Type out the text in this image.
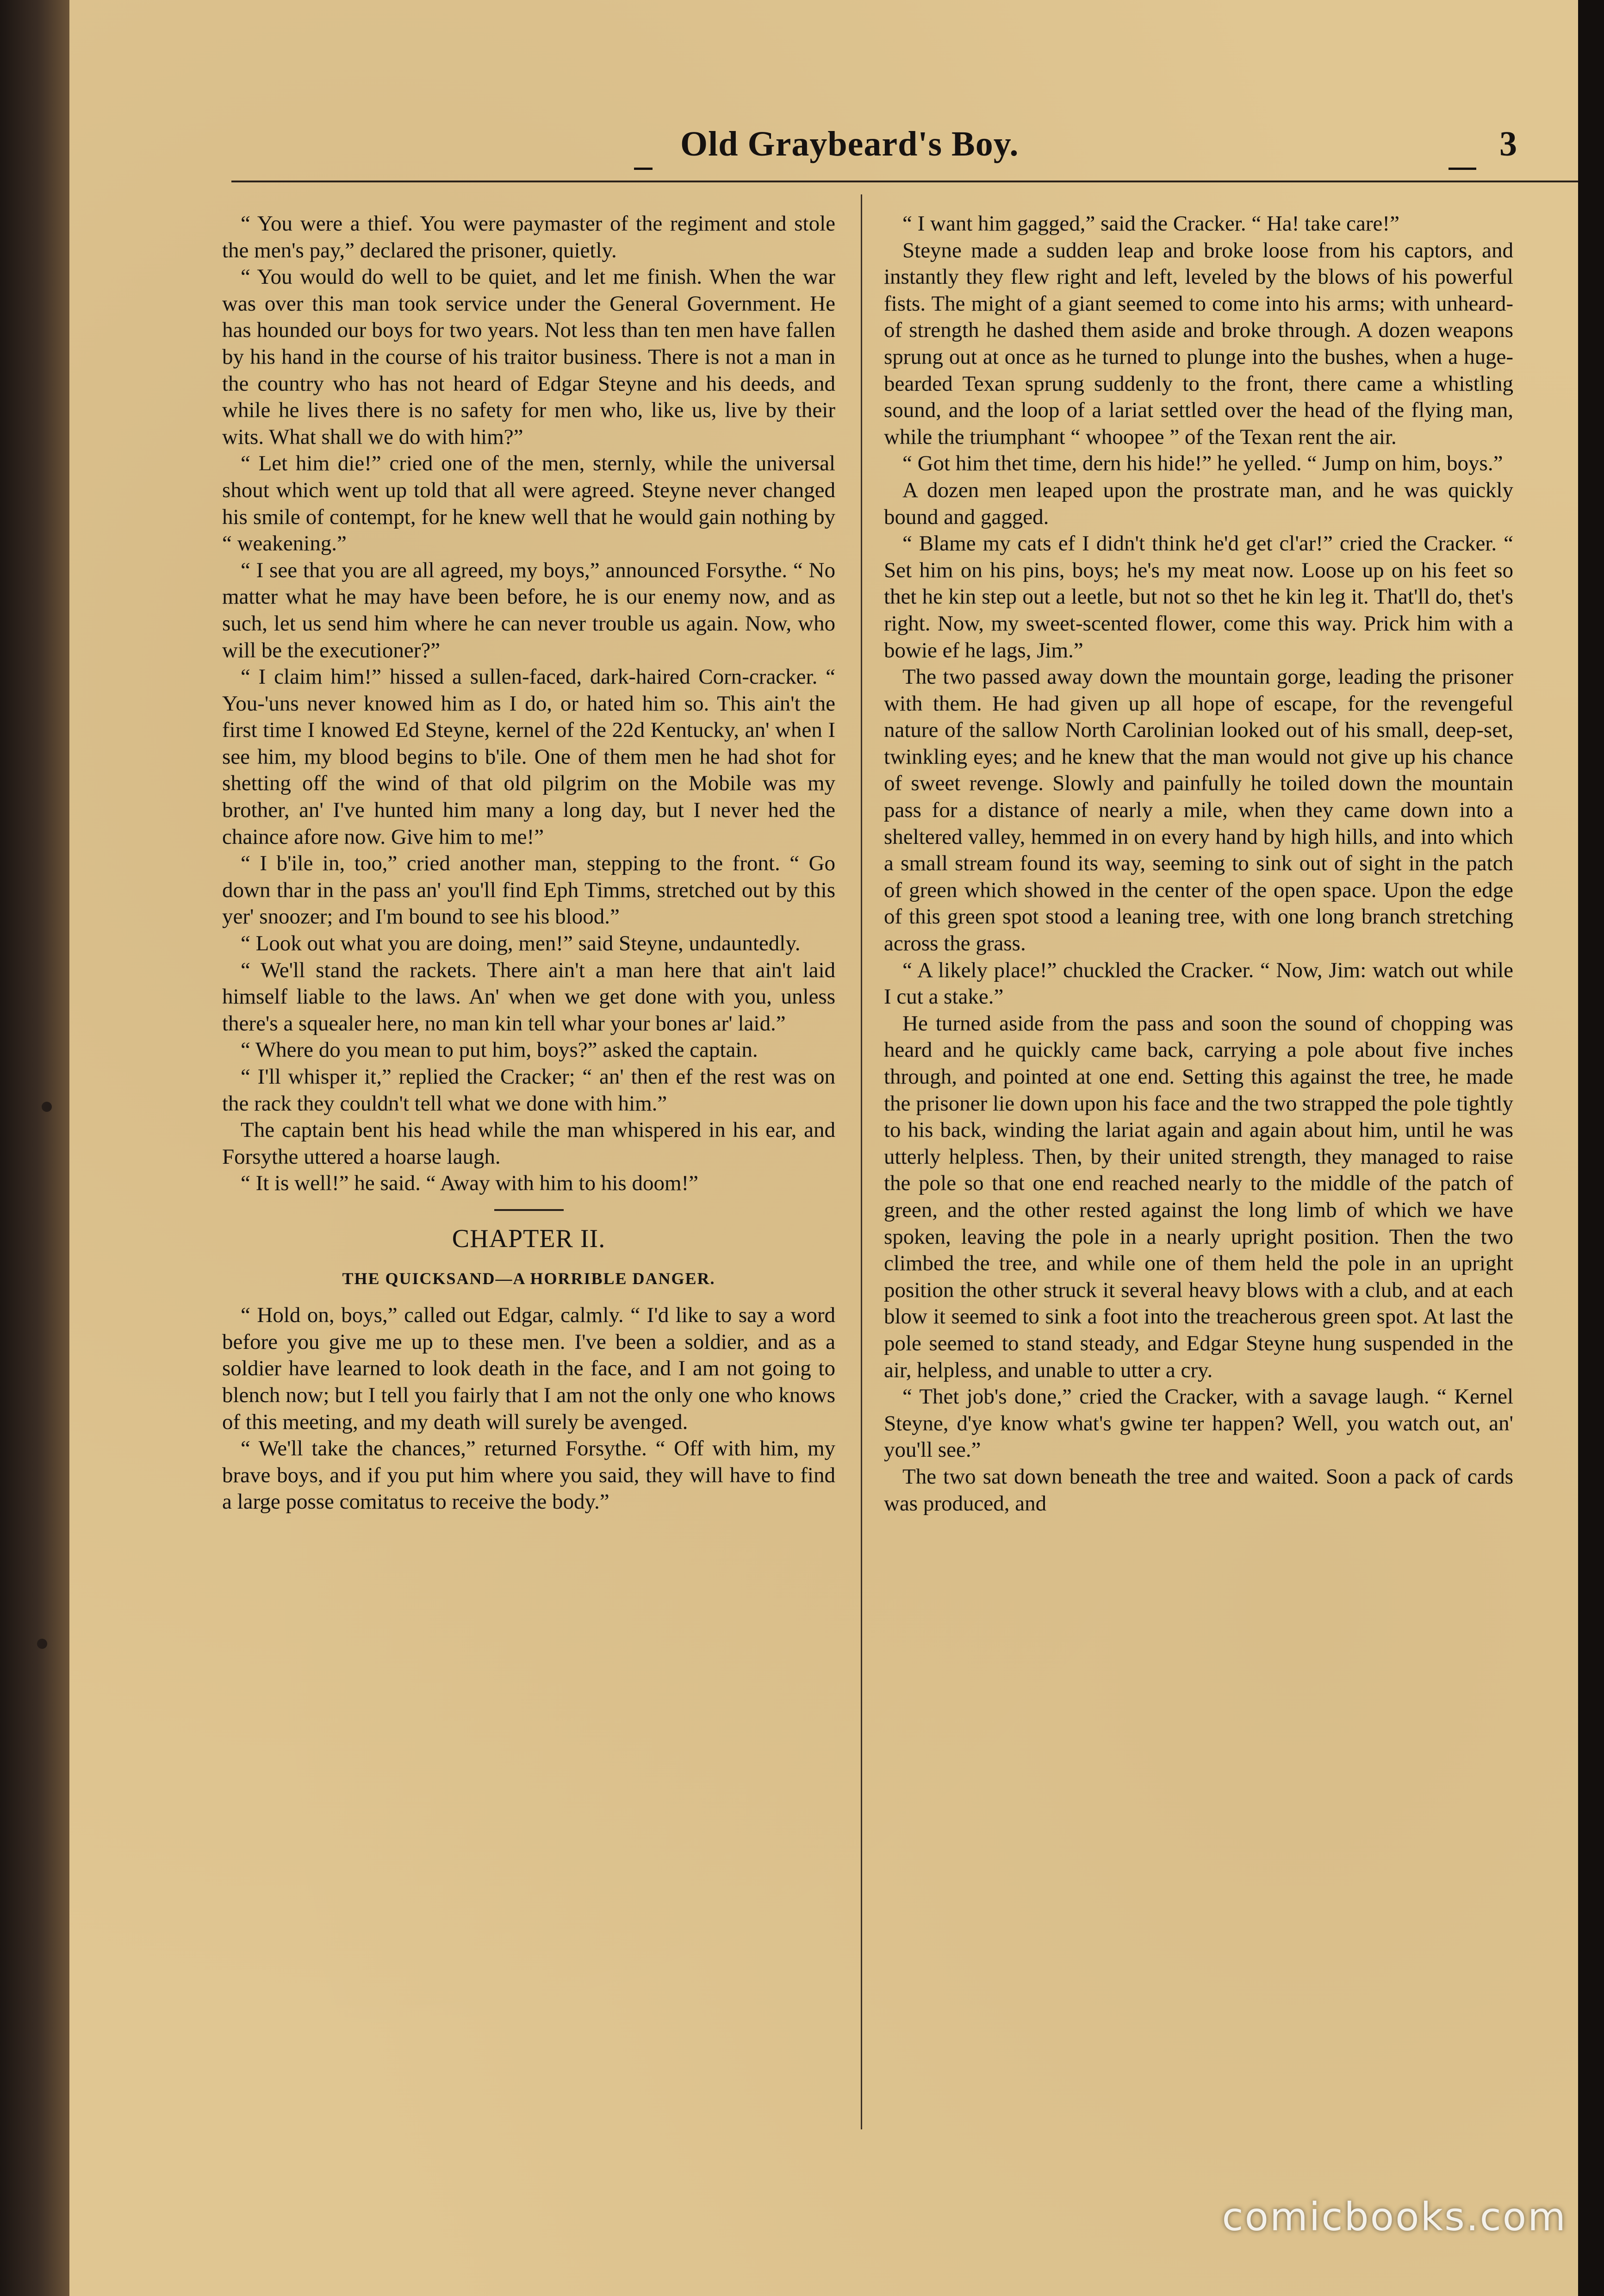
Old Graybeard's Boy.	3

“ You were a thief. You were paymaster of the regiment and stole the men's pay,” declared the prisoner, quietly.

“ You would do well to be quiet, and let me finish. When the war was over this man took service under the General Government. He has hounded our boys for two years. Not less than ten men have fallen by his hand in the course of his traitor business. There is not a man in the country who has not heard of Edgar Steyne and his deeds, and while he lives there is no safety for men who, like us, live by their wits. What shall we do with him?”

“ Let him die!” cried one of the men, sternly, while the universal shout which went up told that all were agreed. Steyne never changed his smile of contempt, for he knew well that he would gain nothing by “ weakening.”

“ I see that you are all agreed, my boys,” announced Forsythe. “ No matter what he may have been before, he is our enemy now, and as such, let us send him where he can never trouble us again. Now, who will be the executioner?”

“ I claim him!” hissed a sullen-faced, dark-haired Corn-cracker. “ You-'uns never knowed him as I do, or hated him so. This ain't the first time I knowed Ed Steyne, kernel of the 22d Kentucky, an' when I see him, my blood begins to b'ile. One of them men he had shot for shetting off the wind of that old pilgrim on the Mobile was my brother, an' I've hunted him many a long day, but I never hed the chaince afore now. Give him to me!”

“ I b'ile in, too,” cried another man, stepping to the front. “ Go down thar in the pass an' you'll find Eph Timms, stretched out by this yer' snoozer; and I'm bound to see his blood.”

“ Look out what you are doing, men!” said Steyne, undauntedly.

“ We'll stand the rackets. There ain't a man here that ain't laid himself liable to the laws. An' when we get done with you, unless there's a squealer here, no man kin tell whar your bones ar' laid.”

“ Where do you mean to put him, boys?” asked the captain.

“ I'll whisper it,” replied the Cracker; “ an' then ef the rest was on the rack they couldn't tell what we done with him.”

The captain bent his head while the man whispered in his ear, and Forsythe uttered a hoarse laugh.

“ It is well!” he said. “ Away with him to his doom!”

CHAPTER II.

THE QUICKSAND—A HORRIBLE DANGER.

“ Hold on, boys,” called out Edgar, calmly. “ I'd like to say a word before you give me up to these men. I've been a soldier, and as a soldier have learned to look death in the face, and I am not going to blench now; but I tell you fairly that I am not the only one who knows of this meeting, and my death will surely be avenged.

“ We'll take the chances,” returned Forsythe. “ Off with him, my brave boys, and if you put him where you said, they will have to find a large posse comitatus to receive the body.”

“ I want him gagged,” said the Cracker. “ Ha! take care!”

Steyne made a sudden leap and broke loose from his captors, and instantly they flew right and left, leveled by the blows of his powerful fists. The might of a giant seemed to come into his arms; with unheard-of strength he dashed them aside and broke through. A dozen weapons sprung out at once as he turned to plunge into the bushes, when a huge-bearded Texan sprung suddenly to the front, there came a whistling sound, and the loop of a lariat settled over the head of the flying man, while the triumphant “ whoopee ” of the Texan rent the air.

“ Got him thet time, dern his hide!” he yelled. “ Jump on him, boys.”

A dozen men leaped upon the prostrate man, and he was quickly bound and gagged.

“ Blame my cats ef I didn't think he'd get cl'ar!” cried the Cracker. “ Set him on his pins, boys; he's my meat now. Loose up on his feet so thet he kin step out a leetle, but not so thet he kin leg it. That'll do, thet's right. Now, my sweet-scented flower, come this way. Prick him with a bowie ef he lags, Jim.”

The two passed away down the mountain gorge, leading the prisoner with them. He had given up all hope of escape, for the revengeful nature of the sallow North Carolinian looked out of his small, deep-set, twinkling eyes; and he knew that the man would not give up his chance of sweet revenge. Slowly and painfully he toiled down the mountain pass for a distance of nearly a mile, when they came down into a sheltered valley, hemmed in on every hand by high hills, and into which a small stream found its way, seeming to sink out of sight in the patch of green which showed in the center of the open space. Upon the edge of this green spot stood a leaning tree, with one long branch stretching across the grass.

“ A likely place!” chuckled the Cracker. “ Now, Jim: watch out while I cut a stake.”

He turned aside from the pass and soon the sound of chopping was heard and he quickly came back, carrying a pole about five inches through, and pointed at one end. Setting this against the tree, he made the prisoner lie down upon his face and the two strapped the pole tightly to his back, winding the lariat again and again about him, until he was utterly helpless. Then, by their united strength, they managed to raise the pole so that one end reached nearly to the middle of the patch of green, and the other rested against the long limb of which we have spoken, leaving the pole in a nearly upright position. Then the two climbed the tree, and while one of them held the pole in an upright position the other struck it several heavy blows with a club, and at each blow it seemed to sink a foot into the treacherous green spot. At last the pole seemed to stand steady, and Edgar Steyne hung suspended in the air, helpless, and unable to utter a cry.

“ Thet job's done,” cried the Cracker, with a savage laugh. “ Kernel Steyne, d'ye know what's gwine ter happen? Well, you watch out, an' you'll see.”

The two sat down beneath the tree and waited. Soon a pack of cards was produced, and

comicbooks.com
